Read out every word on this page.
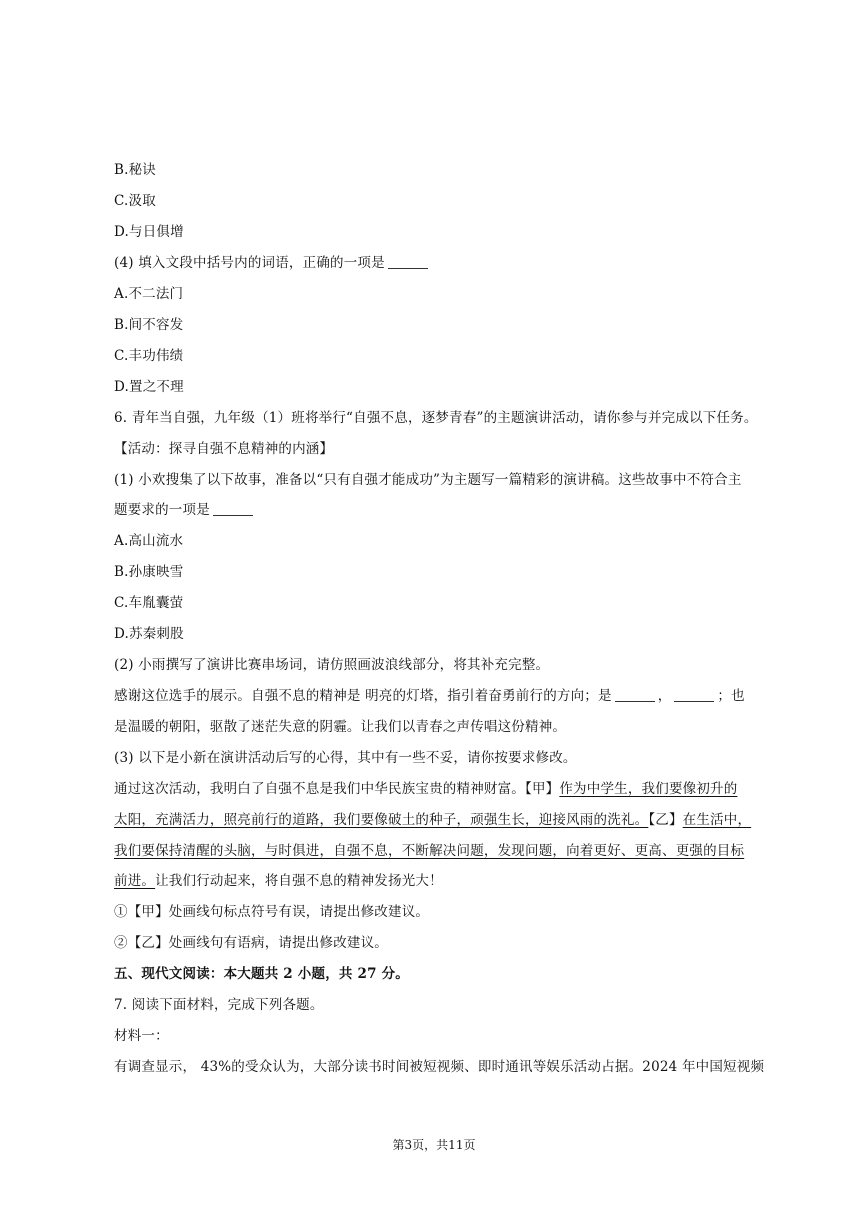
B.秘诀
C.汲取
D.与日俱增
(4) 填入文段中括号内的词语，正确的一项是
A.不二法门
B.间不容发
C.丰功伟绩
D.置之不理
6. 青年当自强，九年级（1）班将举行“自强不息，逐梦青春”的主题演讲活动，请你参与并完成以下任务。
【活动：探寻自强不息精神的内涵】
(1) 小欢搜集了以下故事，准备以“只有自强才能成功”为主题写一篇精彩的演讲稿。这些故事中不符合主
题要求的一项是
A.高山流水
B.孙康映雪
C.车胤囊萤
D.苏秦刺股
(2) 小雨撰写了演讲比赛串场词，请仿照画波浪线部分，将其补充完整。
感谢这位选手的展示。自强不息的精神是 明亮的灯塔，指引着奋勇前行的方向；是	，	；也
是温暖的朝阳，驱散了迷茫失意的阴霾。让我们以青春之声传唱这份精神。
(3) 以下是小新在演讲活动后写的心得，其中有一些不妥，请你按要求修改。
通过这次活动，我明白了自强不息是我们中华民族宝贵的精神财富。【甲】作为中学生，我们要像初升的
太阳，充满活力，照亮前行的道路，我们要像破土的种子，顽强生长，迎接风雨的洗礼。【乙】在生活中，
我们要保持清醒的头脑，与时俱进，自强不息，不断解决问题，发现问题，向着更好、更高、更强的目标
前进。让我们行动起来，将自强不息的精神发扬光大！
①【甲】处画线句标点符号有误，请提出修改建议。
②【乙】处画线句有语病，请提出修改建议。
五、现代文阅读：本大题共 2 小题，共 27 分。
7. 阅读下面材料，完成下列各题。
材料一：
有调查显示， 43%的受众认为，大部分读书时间被短视频、即时通讯等娱乐活动占据。2024 年中国短视频
第3页，共11页
